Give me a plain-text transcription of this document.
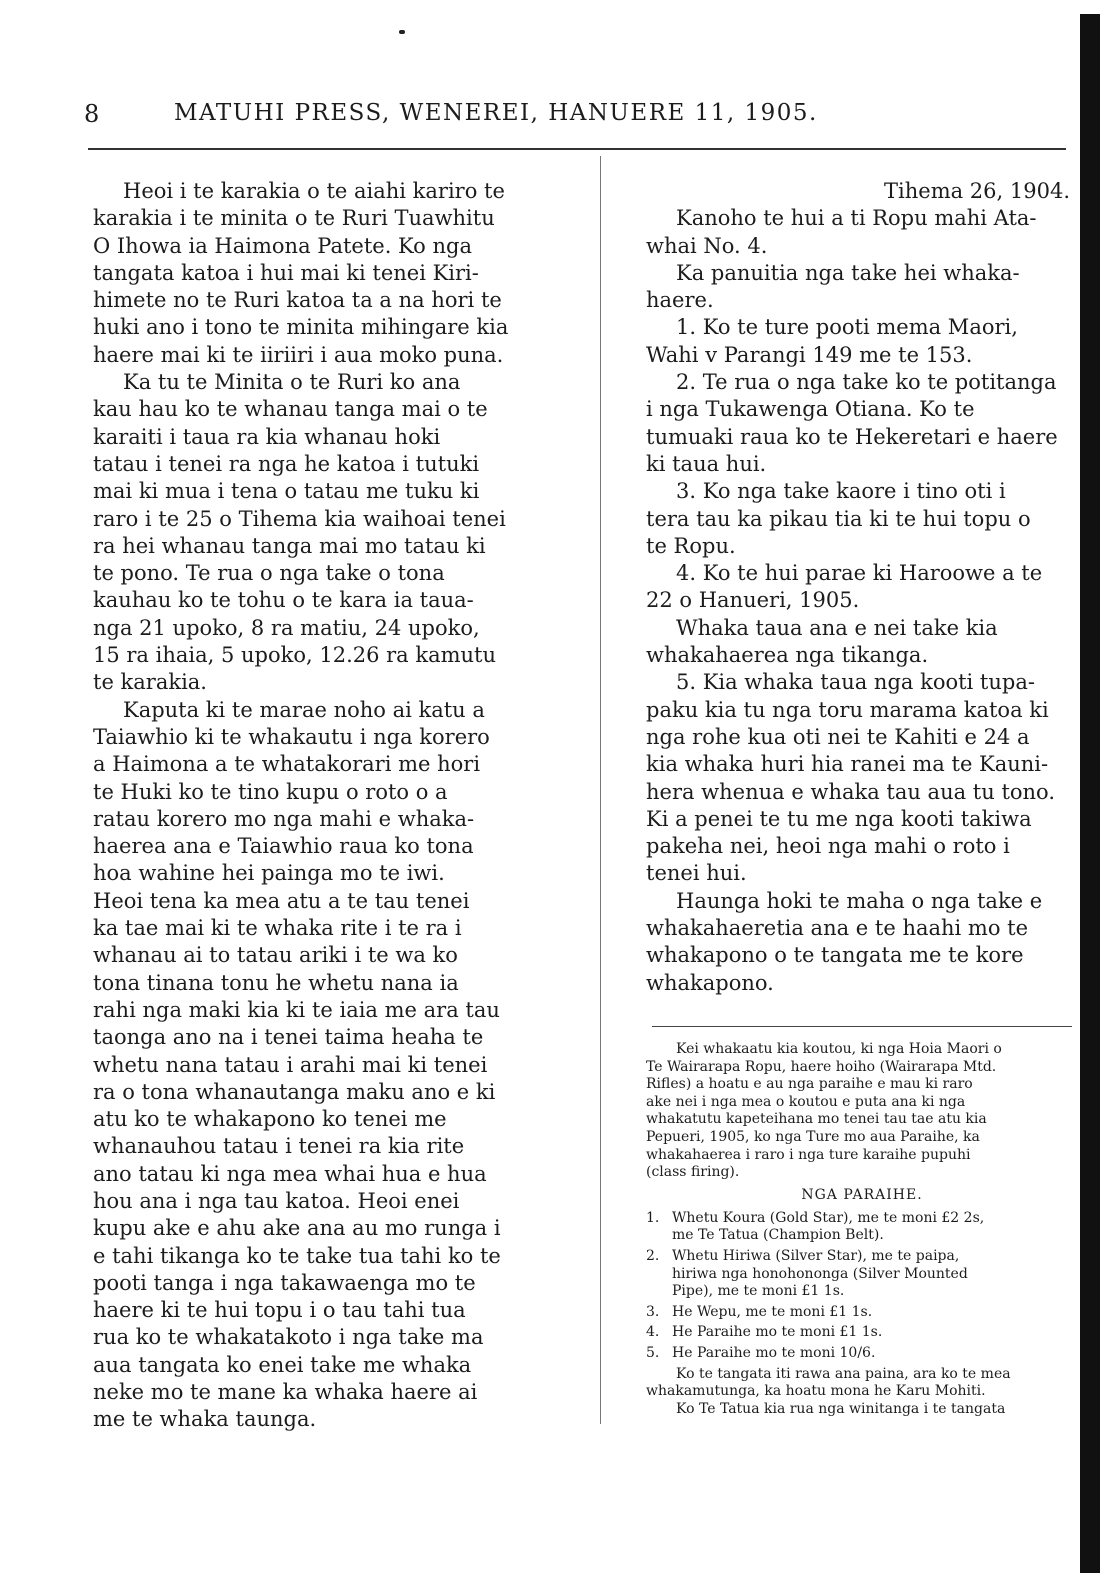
8	MATUHI PRESS, WENEREI, HANUERE 11, 1905.
Heoi i te karakia o te aiahi kariro te
karakia i te minita o te Ruri Tuawhitu
O Ihowa ia Haimona Patete. Ko nga
tangata katoa i hui mai ki tenei Kiri-
himete no te Ruri katoa ta a na hori te
huki ano i tono te minita mihingare kia
haere mai ki te iiriiri i aua moko puna.
Ka tu te Minita o te Ruri ko ana
kau hau ko te whanau tanga mai o te
karaiti i taua ra kia whanau hoki
tatau i tenei ra nga he katoa i tutuki
mai ki mua i tena o tatau me tuku ki
raro i te 25 o Tihema kia waihoai tenei
ra hei whanau tanga mai mo tatau ki
te pono. Te rua o nga take o tona
kauhau ko te tohu o te kara ia taua-
nga 21 upoko, 8 ra matiu, 24 upoko,
15 ra ihaia, 5 upoko, 12.26 ra kamutu
te karakia.
Kaputa ki te marae noho ai katu a
Taiawhio ki te whakautu i nga korero
a Haimona a te whatakorari me hori
te Huki ko te tino kupu o roto o a
ratau korero mo nga mahi e whaka-
haerea ana e Taiawhio raua ko tona
hoa wahine hei painga mo te iwi.
Heoi tena ka mea atu a te tau tenei
ka tae mai ki te whaka rite i te ra i
whanau ai to tatau ariki i te wa ko
tona tinana tonu he whetu nana ia
rahi nga maki kia ki te iaia me ara tau
taonga ano na i tenei taima heaha te
whetu nana tatau i arahi mai ki tenei
ra o tona whanautanga maku ano e ki
atu ko te whakapono ko tenei me
whanauhou tatau i tenei ra kia rite
ano tatau ki nga mea whai hua e hua
hou ana i nga tau katoa. Heoi enei
kupu ake e ahu ake ana au mo runga i
e tahi tikanga ko te take tua tahi ko te
pooti tanga i nga takawaenga mo te
haere ki te hui topu i o tau tahi tua
rua ko te whakatakoto i nga take ma
aua tangata ko enei take me whaka
neke mo te mane ka whaka haere ai
me te whaka taunga.
Tihema 26, 1904.
Kanoho te hui a ti Ropu mahi Ata-
whai No. 4.
Ka panuitia nga take hei whaka-
haere.
1. Ko te ture pooti mema Maori,
Wahi v Parangi 149 me te 153.
2. Te rua o nga take ko te potitanga
i nga Tukawenga Otiana. Ko te
tumuaki raua ko te Hekeretari e haere
ki taua hui.
3. Ko nga take kaore i tino oti i
tera tau ka pikau tia ki te hui topu o
te Ropu.
4. Ko te hui parae ki Haroowe a te
22 o Hanueri, 1905.
Whaka taua ana e nei take kia
whakahaerea nga tikanga.
5. Kia whaka taua nga kooti tupa-
paku kia tu nga toru marama katoa ki
nga rohe kua oti nei te Kahiti e 24 a
kia whaka huri hia ranei ma te Kauni-
hera whenua e whaka tau aua tu tono.
Ki a penei te tu me nga kooti takiwa
pakeha nei, heoi nga mahi o roto i
tenei hui.
Haunga hoki te maha o nga take e
whakahaeretia ana e te haahi mo te
whakapono o te tangata me te kore
whakapono.
Kei whakaatu kia koutou, ki nga Hoia Maori o
Te Wairarapa Ropu, haere hoiho (Wairarapa Mtd.
Rifles) a hoatu e au nga paraihe e mau ki raro
ake nei i nga mea o koutou e puta ana ki nga
whakatutu kapeteihana mo tenei tau tae atu kia
Pepueri, 1905, ko nga Ture mo aua Paraihe, ka
whakahaerea i raro i nga ture karaihe pupuhi
(class firing).
NGA PARAIHE.
1. Whetu Koura (Gold Star), me te moni £2 2s,
me Te Tatua (Champion Belt).
2. Whetu Hiriwa (Silver Star), me te paipa,
hiriwa nga honohononga (Silver Mounted
Pipe), me te moni £1 1s.
3. He Wepu, me te moni £1 1s.
4. He Paraihe mo te moni £1 1s.
5. He Paraihe mo te moni 10/6.
Ko te tangata iti rawa ana paina, ara ko te mea
whakamutunga, ka hoatu mona he Karu Mohiti.
Ko Te Tatua kia rua nga winitanga i te tangata
